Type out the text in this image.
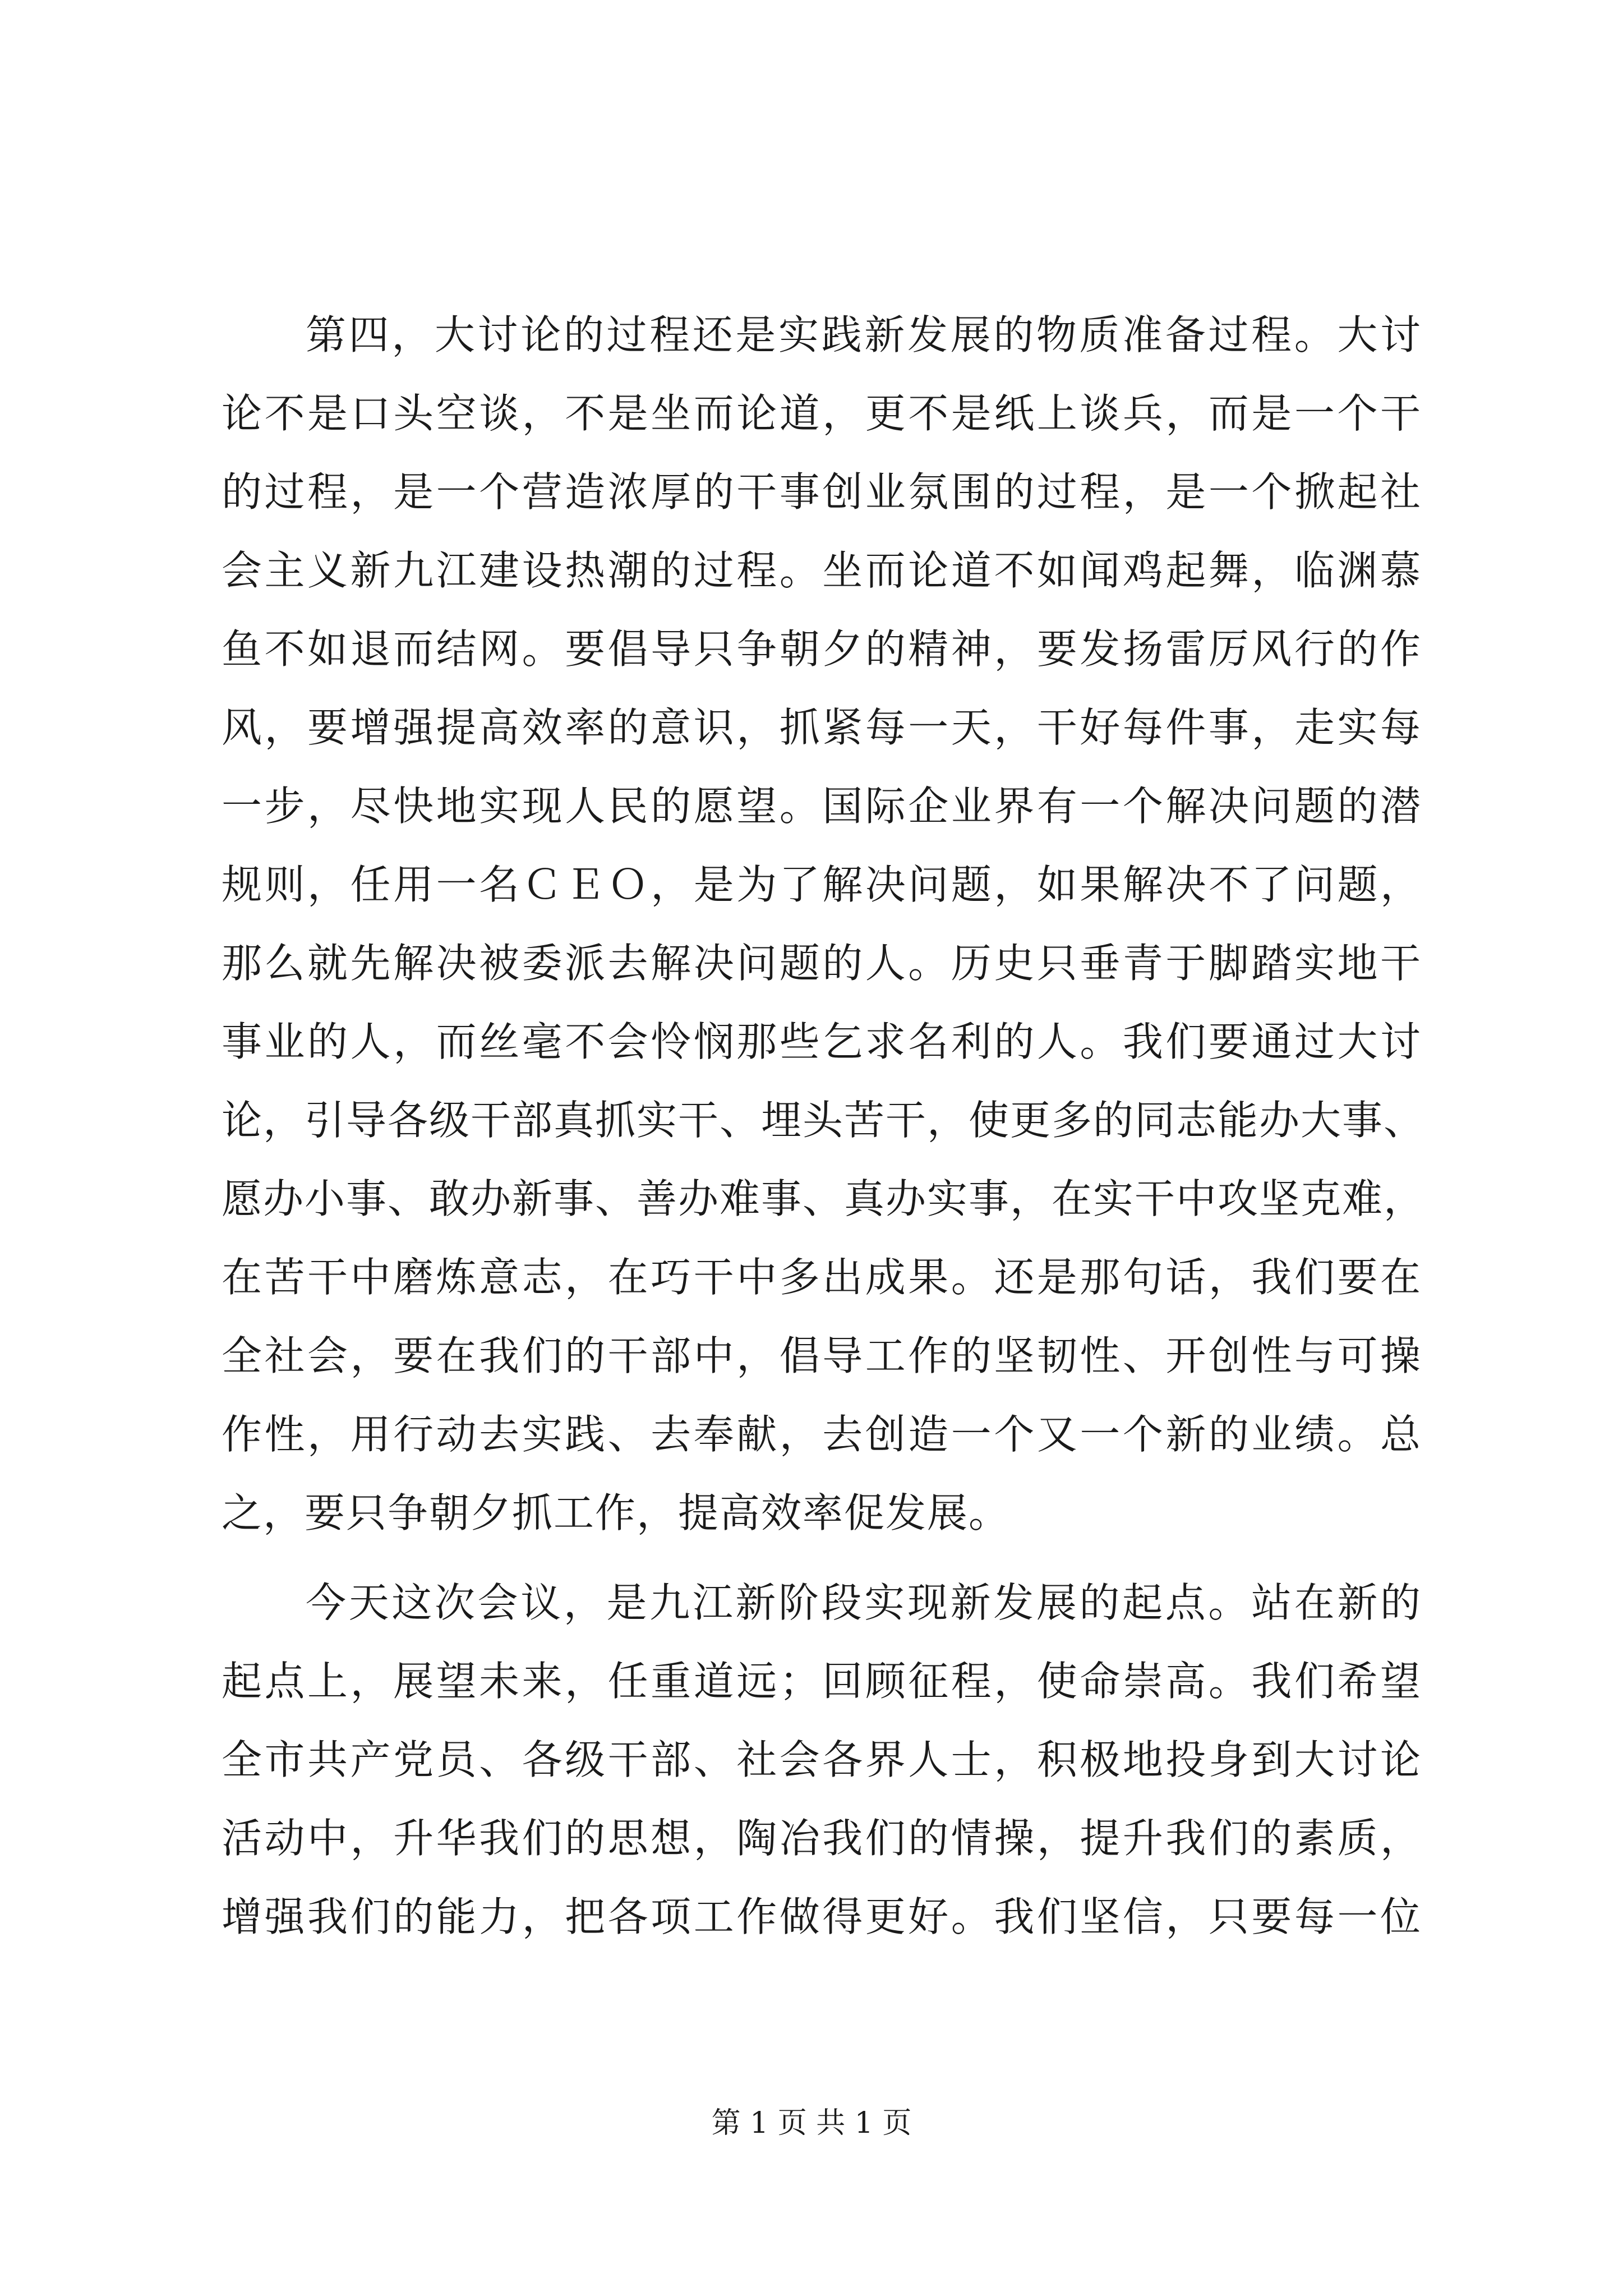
第四，大讨论的过程还是实践新发展的物质准备过程。大讨
论不是口头空谈，不是坐而论道，更不是纸上谈兵，而是一个干
的过程，是一个营造浓厚的干事创业氛围的过程，是一个掀起社
会主义新九江建设热潮的过程。坐而论道不如闻鸡起舞，临渊慕
鱼不如退而结网。要倡导只争朝夕的精神，要发扬雷厉风行的作
风，要增强提高效率的意识，抓紧每一天，干好每件事，走实每
一步，尽快地实现人民的愿望。国际企业界有一个解决问题的潜
规则，任用一名ＣＥＯ，是为了解决问题，如果解决不了问题，
那么就先解决被委派去解决问题的人。历史只垂青于脚踏实地干
事业的人，而丝毫不会怜悯那些乞求名利的人。我们要通过大讨
论，引导各级干部真抓实干、埋头苦干，使更多的同志能办大事、
愿办小事、敢办新事、善办难事、真办实事，在实干中攻坚克难，
在苦干中磨炼意志，在巧干中多出成果。还是那句话，我们要在
全社会，要在我们的干部中，倡导工作的坚韧性、开创性与可操
作性，用行动去实践、去奉献，去创造一个又一个新的业绩。总
之，要只争朝夕抓工作，提高效率促发展。
今天这次会议，是九江新阶段实现新发展的起点。站在新的
起点上，展望未来，任重道远；回顾征程，使命崇高。我们希望
全市共产党员、各级干部、社会各界人士，积极地投身到大讨论
活动中，升华我们的思想，陶冶我们的情操，提升我们的素质，
增强我们的能力，把各项工作做得更好。我们坚信，只要每一位
第 1 页 共 1 页
